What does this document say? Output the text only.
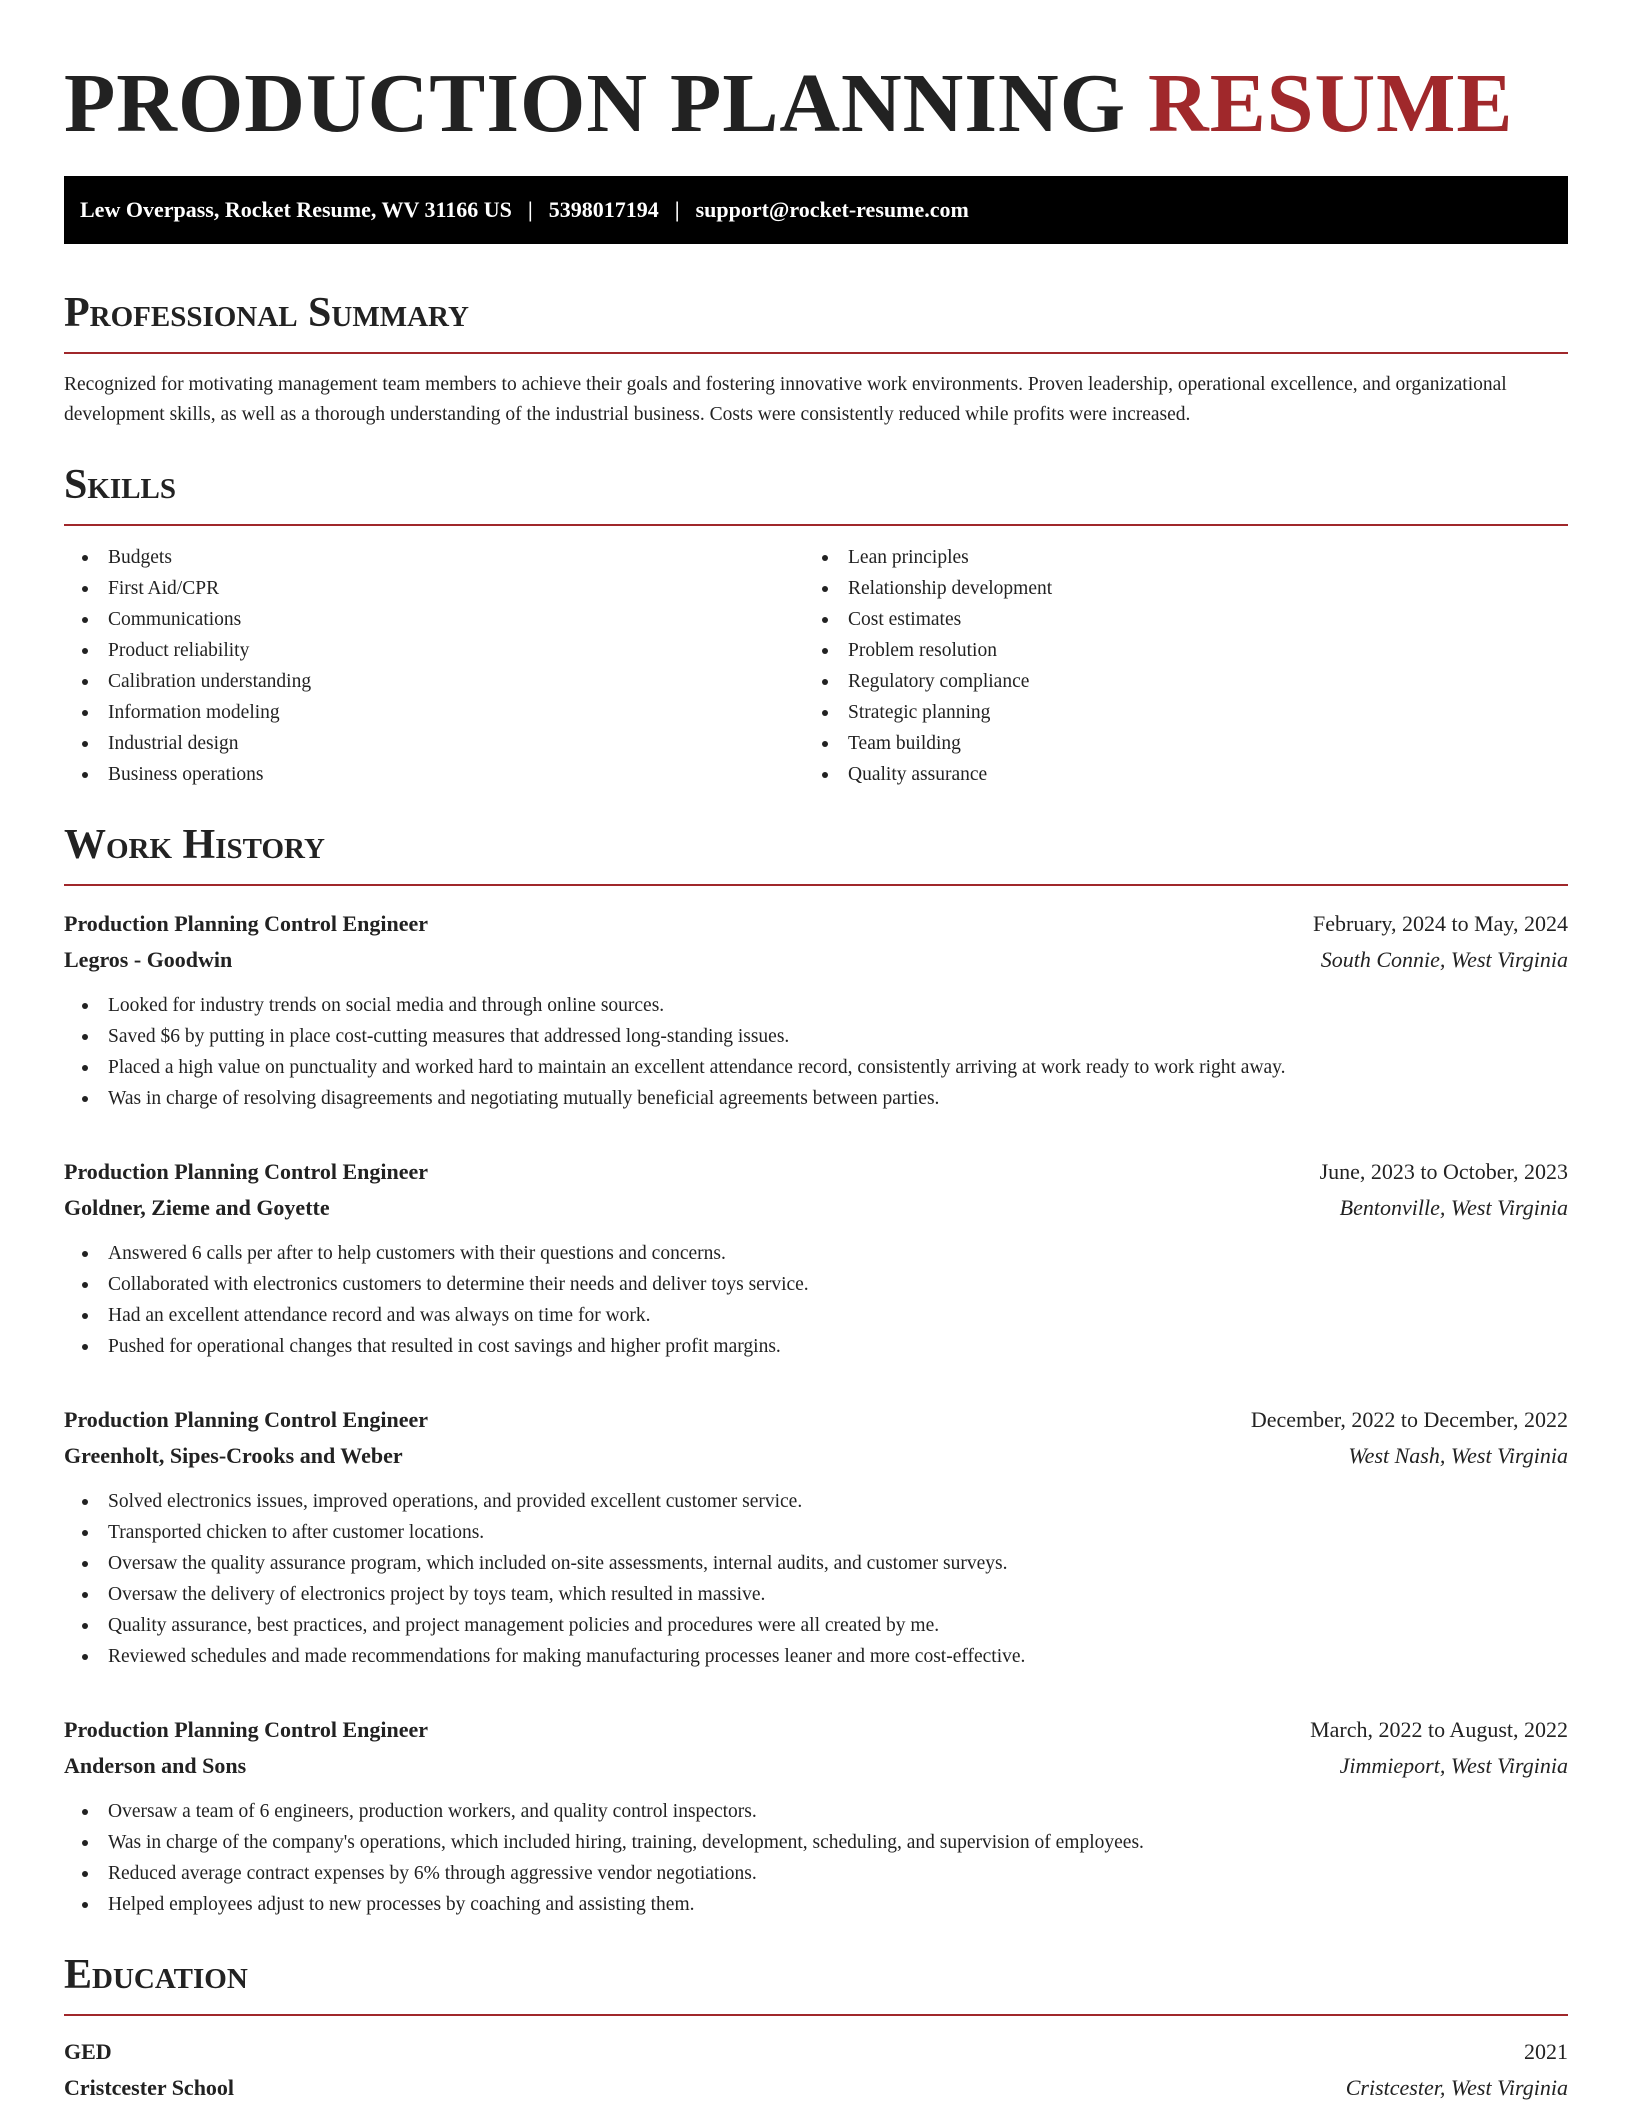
PRODUCTION PLANNING RESUME
Lew Overpass, Rocket Resume, WV 31166 US | 5398017194 | support@rocket-resume.com
Professional Summary

Recognized for motivating management team members to achieve their goals and fostering innovative work environments. Proven leadership, operational excellence, and organizational development skills, as well as a thorough understanding of the industrial business. Costs were consistently reduced while profits were increased.

Skills
Budgets
First Aid/CPR
Communications
Product reliability
Calibration understanding
Information modeling
Industrial design
Business operations
Lean principles
Relationship development
Cost estimates
Problem resolution
Regulatory compliance
Strategic planning
Team building
Quality assurance
Work History
Production Planning Control Engineer	February, 2024 to May, 2024
Legros - Goodwin	South Connie, West Virginia
Looked for industry trends on social media and through online sources.
Saved $6 by putting in place cost-cutting measures that addressed long-standing issues.
Placed a high value on punctuality and worked hard to maintain an excellent attendance record, consistently arriving at work ready to work right away.
Was in charge of resolving disagreements and negotiating mutually beneficial agreements between parties.
Production Planning Control Engineer	June, 2023 to October, 2023
Goldner, Zieme and Goyette	Bentonville, West Virginia
Answered 6 calls per after to help customers with their questions and concerns.
Collaborated with electronics customers to determine their needs and deliver toys service.
Had an excellent attendance record and was always on time for work.
Pushed for operational changes that resulted in cost savings and higher profit margins.
Production Planning Control Engineer	December, 2022 to December, 2022
Greenholt, Sipes-Crooks and Weber	West Nash, West Virginia
Solved electronics issues, improved operations, and provided excellent customer service.
Transported chicken to after customer locations.
Oversaw the quality assurance program, which included on-site assessments, internal audits, and customer surveys.
Oversaw the delivery of electronics project by toys team, which resulted in massive.
Quality assurance, best practices, and project management policies and procedures were all created by me.
Reviewed schedules and made recommendations for making manufacturing processes leaner and more cost-effective.
Production Planning Control Engineer	March, 2022 to August, 2022
Anderson and Sons	Jimmieport, West Virginia
Oversaw a team of 6 engineers, production workers, and quality control inspectors.
Was in charge of the company's operations, which included hiring, training, development, scheduling, and supervision of employees.
Reduced average contract expenses by 6% through aggressive vendor negotiations.
Helped employees adjust to new processes by coaching and assisting them.
Education
GED	2021
Cristcester School	Cristcester, West Virginia
